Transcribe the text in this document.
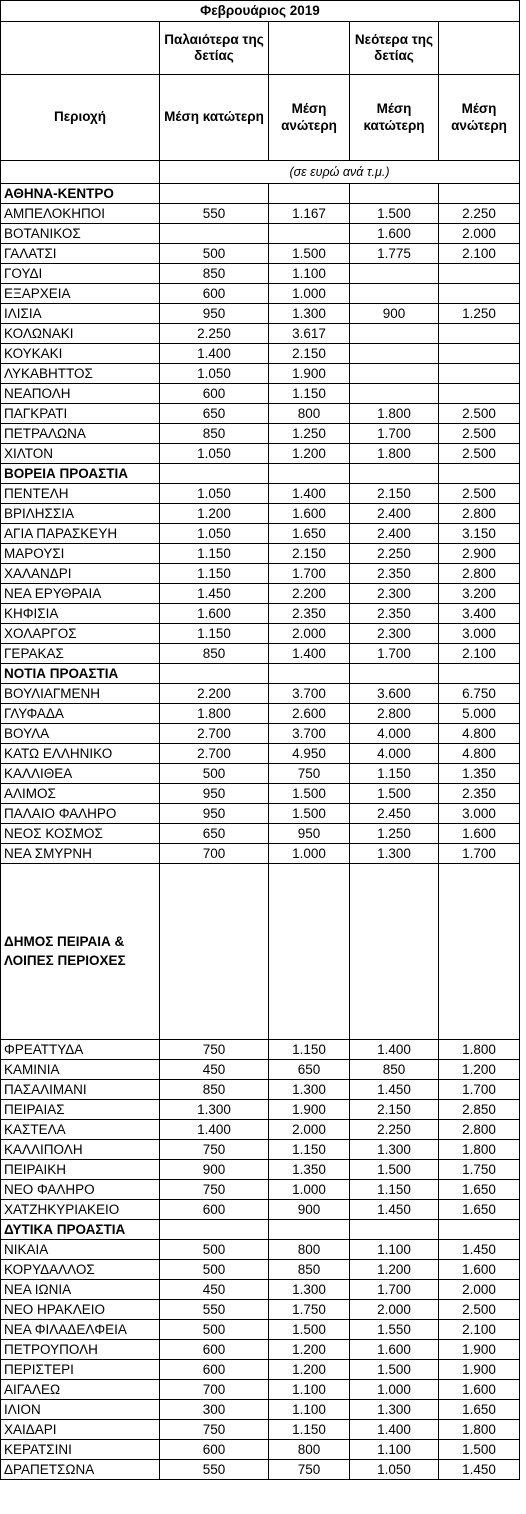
Φεβρουάριος 2019				
	Παλαιότερα της δετίας		Νεότερα της δετίας	
Περιοχή	Μέση κατώτερη	Μέση ανώτερη	Μέση κατώτερη	Μέση ανώτερη
	(σε ευρώ ανά τ.μ.)			
ΑΘΗΝΑ-ΚΕΝΤΡΟ				
ΑΜΠΕΛΟΚΗΠΟΙ	550	1.167	1.500	2.250
ΒΟΤΑΝΙΚΟΣ			1.600	2.000
ΓΑΛΑΤΣΙ	500	1.500	1.775	2.100
ΓΟΥΔΙ	850	1.100		
ΕΞΑΡΧΕΙΑ	600	1.000		
ΙΛΙΣΙΑ	950	1.300	900	1.250
ΚΟΛΩΝΑΚΙ	2.250	3.617		
ΚΟΥΚΑΚΙ	1.400	2.150		
ΛΥΚΑΒΗΤΤΟΣ	1.050	1.900		
ΝΕΑΠΟΛΗ	600	1.150		
ΠΑΓΚΡΑΤΙ	650	800	1.800	2.500
ΠΕΤΡΑΛΩΝΑ	850	1.250	1.700	2.500
ΧΙΛΤΟΝ	1.050	1.200	1.800	2.500
ΒΟΡΕΙΑ ΠΡΟΑΣΤΙΑ				
ΠΕΝΤΕΛΗ	1.050	1.400	2.150	2.500
ΒΡΙΛΗΣΣΙΑ	1.200	1.600	2.400	2.800
ΑΓΙΑ ΠΑΡΑΣΚΕΥΗ	1.050	1.650	2.400	3.150
ΜΑΡΟΥΣΙ	1.150	2.150	2.250	2.900
ΧΑΛΑΝΔΡΙ	1.150	1.700	2.350	2.800
ΝΕΑ ΕΡΥΘΡΑΙΑ	1.450	2.200	2.300	3.200
ΚΗΦΙΣΙΑ	1.600	2.350	2.350	3.400
ΧΟΛΑΡΓΟΣ	1.150	2.000	2.300	3.000
ΓΕΡΑΚΑΣ	850	1.400	1.700	2.100
ΝΟΤΙΑ ΠΡΟΑΣΤΙΑ				
ΒΟΥΛΙΑΓΜΕΝΗ	2.200	3.700	3.600	6.750
ΓΛΥΦΑΔΑ	1.800	2.600	2.800	5.000
ΒΟΥΛΑ	2.700	3.700	4.000	4.800
ΚΑΤΩ ΕΛΛΗΝΙΚΟ	2.700	4.950	4.000	4.800
ΚΑΛΛΙΘΕΑ	500	750	1.150	1.350
ΑΛΙΜΟΣ	950	1.500	1.500	2.350
ΠΑΛΑΙΟ ΦΑΛΗΡΟ	950	1.500	2.450	3.000
ΝΕΟΣ ΚΟΣΜΟΣ	650	950	1.250	1.600
ΝΕΑ ΣΜΥΡΝΗ	700	1.000	1.300	1.700
ΔΗΜΟΣ ΠΕΙΡΑΙΑ & ΛΟΙΠΕΣ ΠΕΡΙΟΧΕΣ				
ΦΡΕΑΤΤΥΔΑ	750	1.150	1.400	1.800
ΚΑΜΙΝΙΑ	450	650	850	1.200
ΠΑΣΑΛΙΜΑΝΙ	850	1.300	1.450	1.700
ΠΕΙΡΑΙΑΣ	1.300	1.900	2.150	2.850
ΚΑΣΤΕΛΑ	1.400	2.000	2.250	2.800
ΚΑΛΛΙΠΟΛΗ	750	1.150	1.300	1.800
ΠΕΙΡΑΙΚΗ	900	1.350	1.500	1.750
ΝΕΟ ΦΑΛΗΡΟ	750	1.000	1.150	1.650
ΧΑΤΖΗΚΥΡΙΑΚΕΙΟ	600	900	1.450	1.650
ΔΥΤΙΚΑ ΠΡΟΑΣΤΙΑ				
ΝΙΚΑΙΑ	500	800	1.100	1.450
ΚΟΡΥΔΑΛΛΟΣ	500	850	1.200	1.600
ΝΕΑ ΙΩΝΙΑ	450	1.300	1.700	2.000
ΝΕΟ ΗΡΑΚΛΕΙΟ	550	1.750	2.000	2.500
ΝΕΑ ΦΙΛΑΔΕΛΦΕΙΑ	500	1.500	1.550	2.100
ΠΕΤΡΟΥΠΟΛΗ	600	1.200	1.600	1.900
ΠΕΡΙΣΤΕΡΙ	600	1.200	1.500	1.900
ΑΙΓΑΛΕΩ	700	1.100	1.000	1.600
ΙΛΙΟΝ	300	1.100	1.300	1.650
ΧΑΙΔΑΡΙ	750	1.150	1.400	1.800
ΚΕΡΑΤΣΙΝΙ	600	800	1.100	1.500
ΔΡΑΠΕΤΣΩΝΑ	550	750	1.050	1.450
